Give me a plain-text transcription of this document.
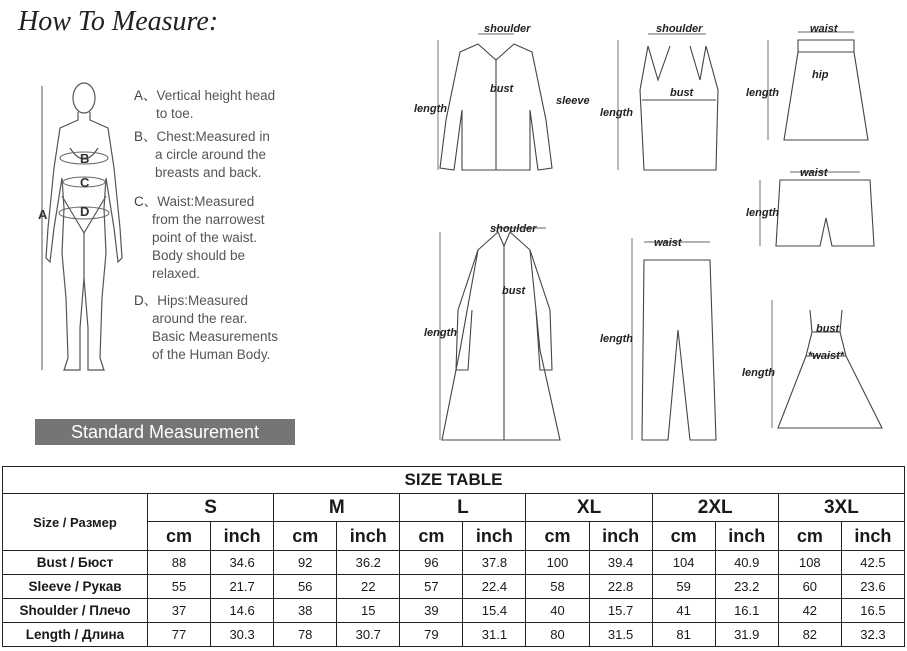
How To Measure:
B
C
D
A
A、Vertical height head
to toe.
B、Chest:Measured in
a circle around the
breasts and back.
C、Waist:Measured
from the narrowest
point of the waist.
Body should be
relaxed.
D、Hips:Measured
around the rear.
Basic Measurements
of the Human Body.
Standard Measurement
shoulder
bust
sleeve
length
shoulder
bust
length
waist
hip
length
waist
length
shoulder
bust
length
waist
length
bust
*waist*
length
SIZE TABLE												
Size / Размер	S		M		L		XL		2XL		3XL	
	cm	inch	cm	inch	cm	inch	cm	inch	cm	inch	cm	inch
Bust / Бюст	88	34.6	92	36.2	96	37.8	100	39.4	104	40.9	108	42.5
Sleeve / Рукав	55	21.7	56	22	57	22.4	58	22.8	59	23.2	60	23.6
Shoulder / Плечо	37	14.6	38	15	39	15.4	40	15.7	41	16.1	42	16.5
Length / Длина	77	30.3	78	30.7	79	31.1	80	31.5	81	31.9	82	32.3
